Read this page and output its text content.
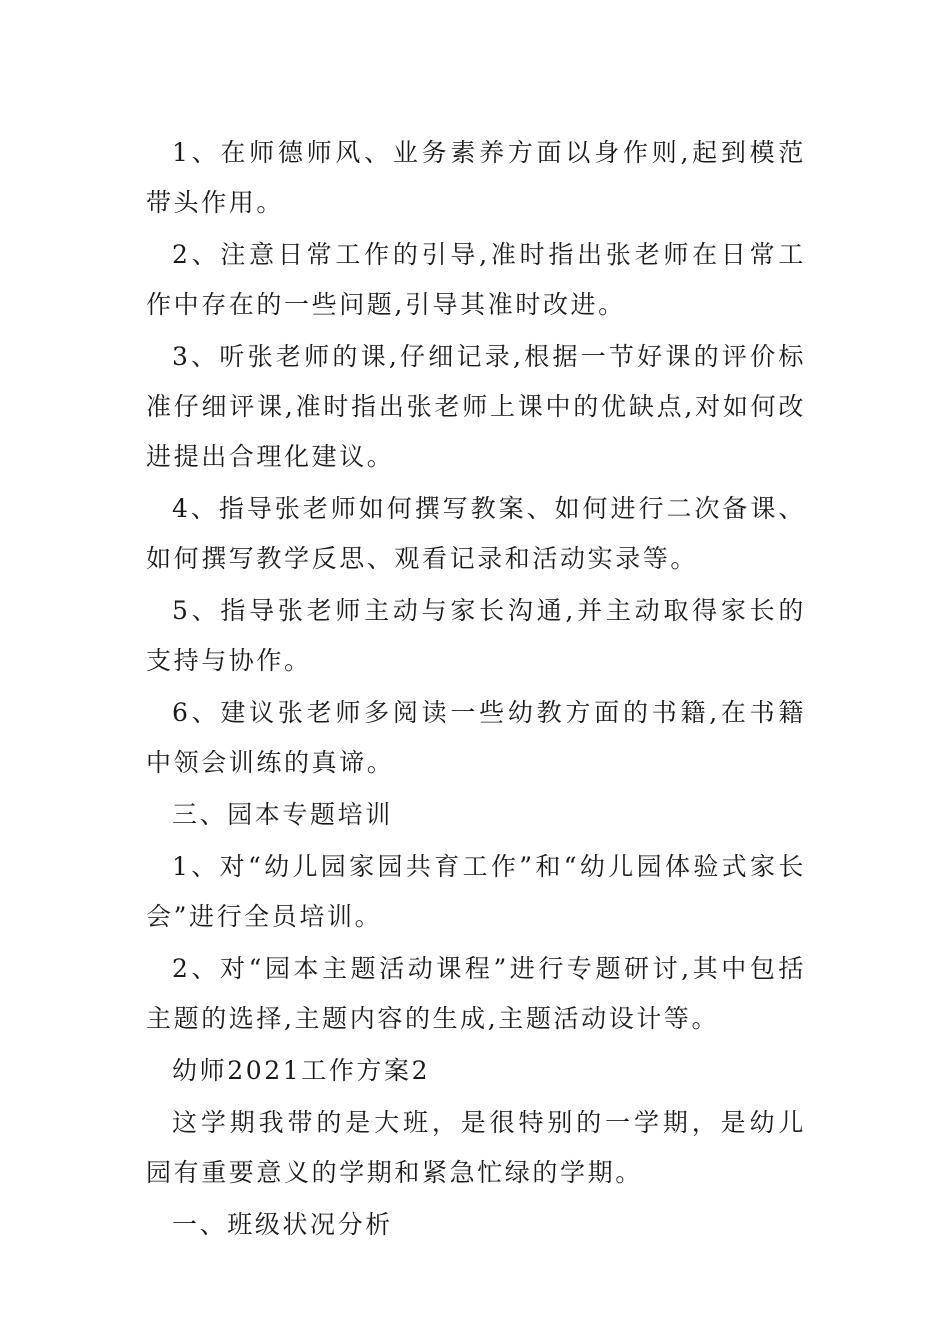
1、在师德师风、业务素养方面以身作则,起到模范带头作用。

2、注意日常工作的引导,准时指出张老师在日常工作中存在的一些问题,引导其准时改进。

3、听张老师的课,仔细记录,根据一节好课的评价标准仔细评课,准时指出张老师上课中的优缺点,对如何改进提出合理化建议。

4、指导张老师如何撰写教案、如何进行二次备课、如何撰写教学反思、观看记录和活动实录等。

5、指导张老师主动与家长沟通,并主动取得家长的支持与协作。

6、建议张老师多阅读一些幼教方面的书籍,在书籍中领会训练的真谛。

三、园本专题培训

1、对“幼儿园家园共育工作”和“幼儿园体验式家长会”进行全员培训。

2、对“园本主题活动课程”进行专题研讨,其中包括主题的选择,主题内容的生成,主题活动设计等。

幼师2021工作方案2

这学期我带的是大班，是很特别的一学期，是幼儿园有重要意义的学期和紧急忙绿的学期。

一、班级状况分析
